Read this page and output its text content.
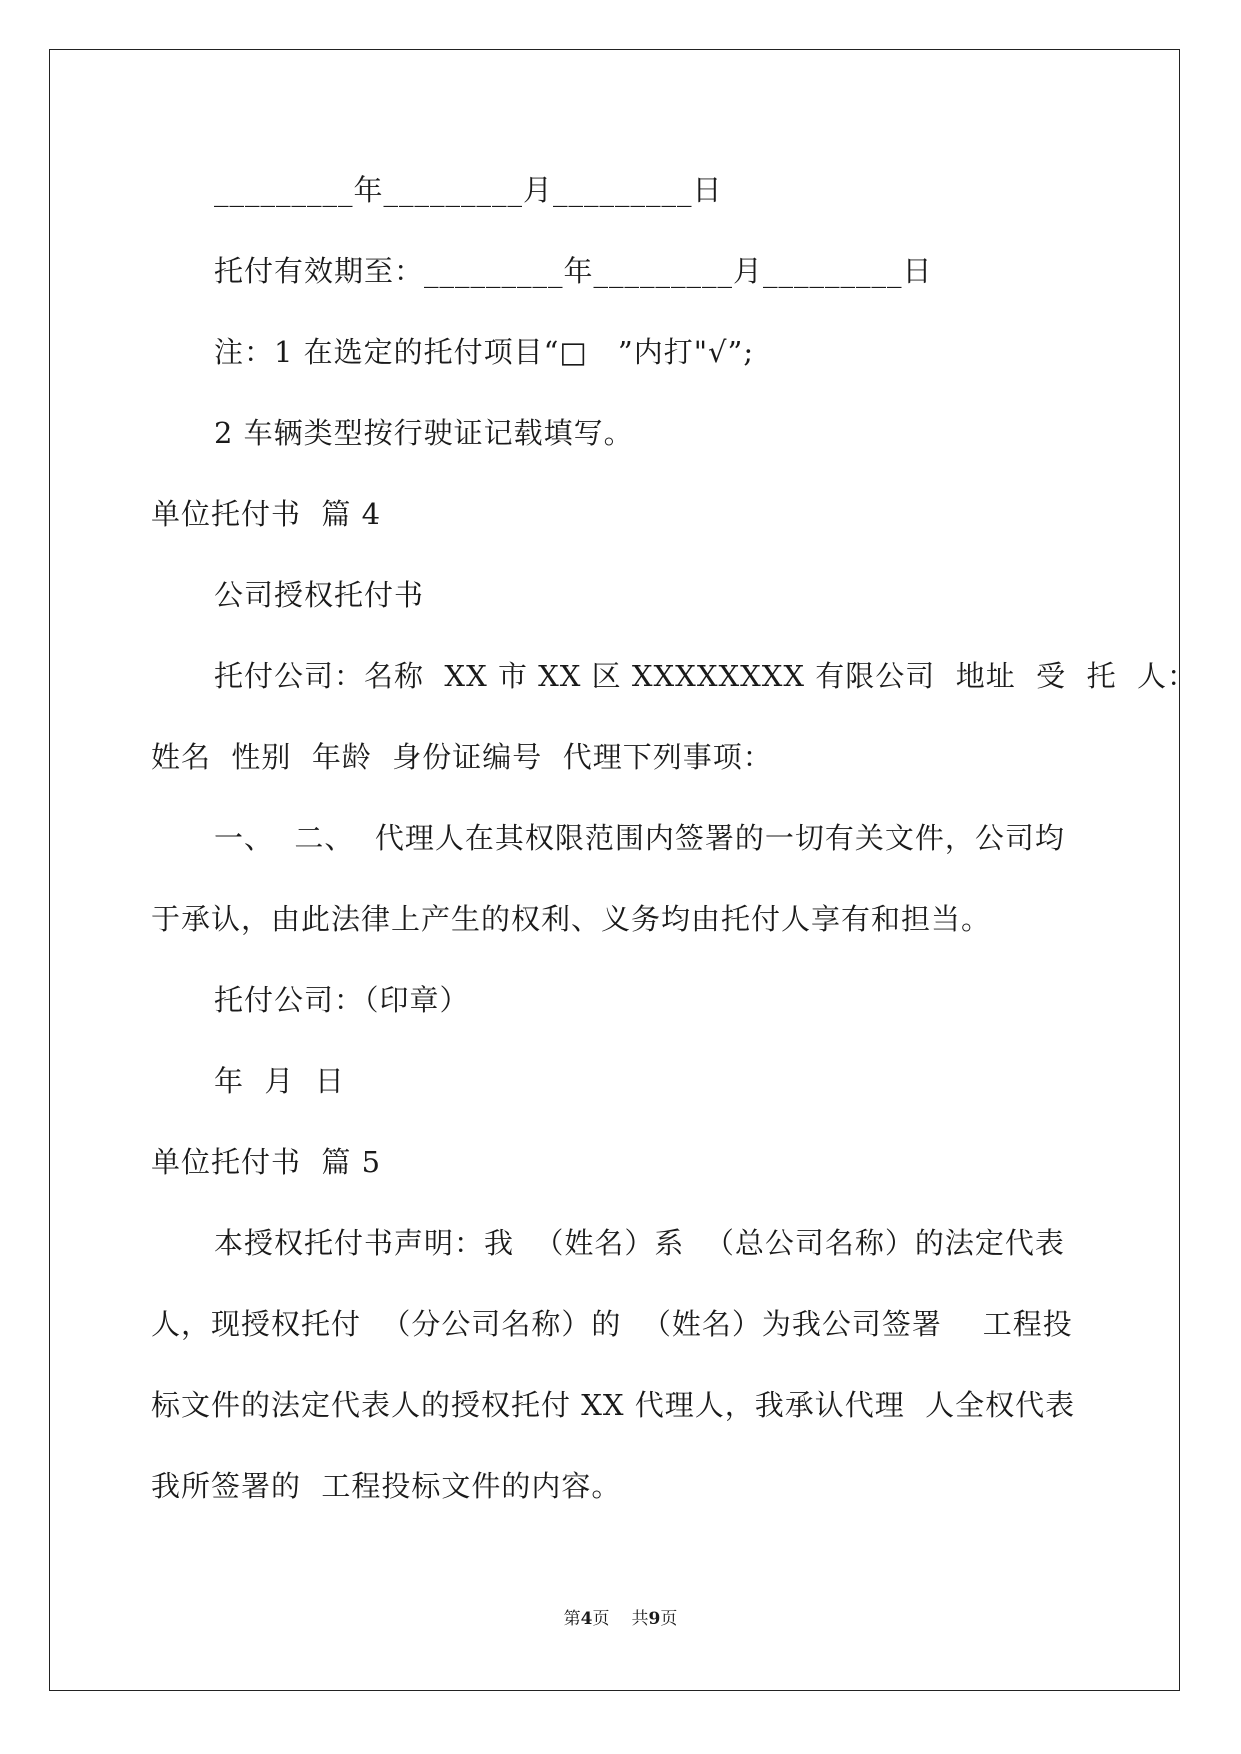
_________年_________月_________日
托付有效期至：_________年_________月_________日
注：1 在选定的托付项目“□　”内打"√”;
2 车辆类型按行驶证记载填写。
单位托付书  篇 4
公司授权托付书
托付公司：名称  XX 市 XX 区 XXXXXXXX 有限公司  地址  受  托  人：
姓名  性别  年龄  身份证编号  代理下列事项：
一、  二、  代理人在其权限范围内签署的一切有关文件，公司均
于承认，由此法律上产生的权利、义务均由托付人享有和担当。
托付公司：（印章）
年  月  日
单位托付书  篇 5
本授权托付书声明：我  （姓名）系  （总公司名称）的法定代表
人，现授权托付  （分公司名称）的  （姓名）为我公司签署    工程投
标文件的法定代表人的授权托付 XX 代理人，我承认代理  人全权代表
我所签署的  工程投标文件的内容。
第4页 共9页
